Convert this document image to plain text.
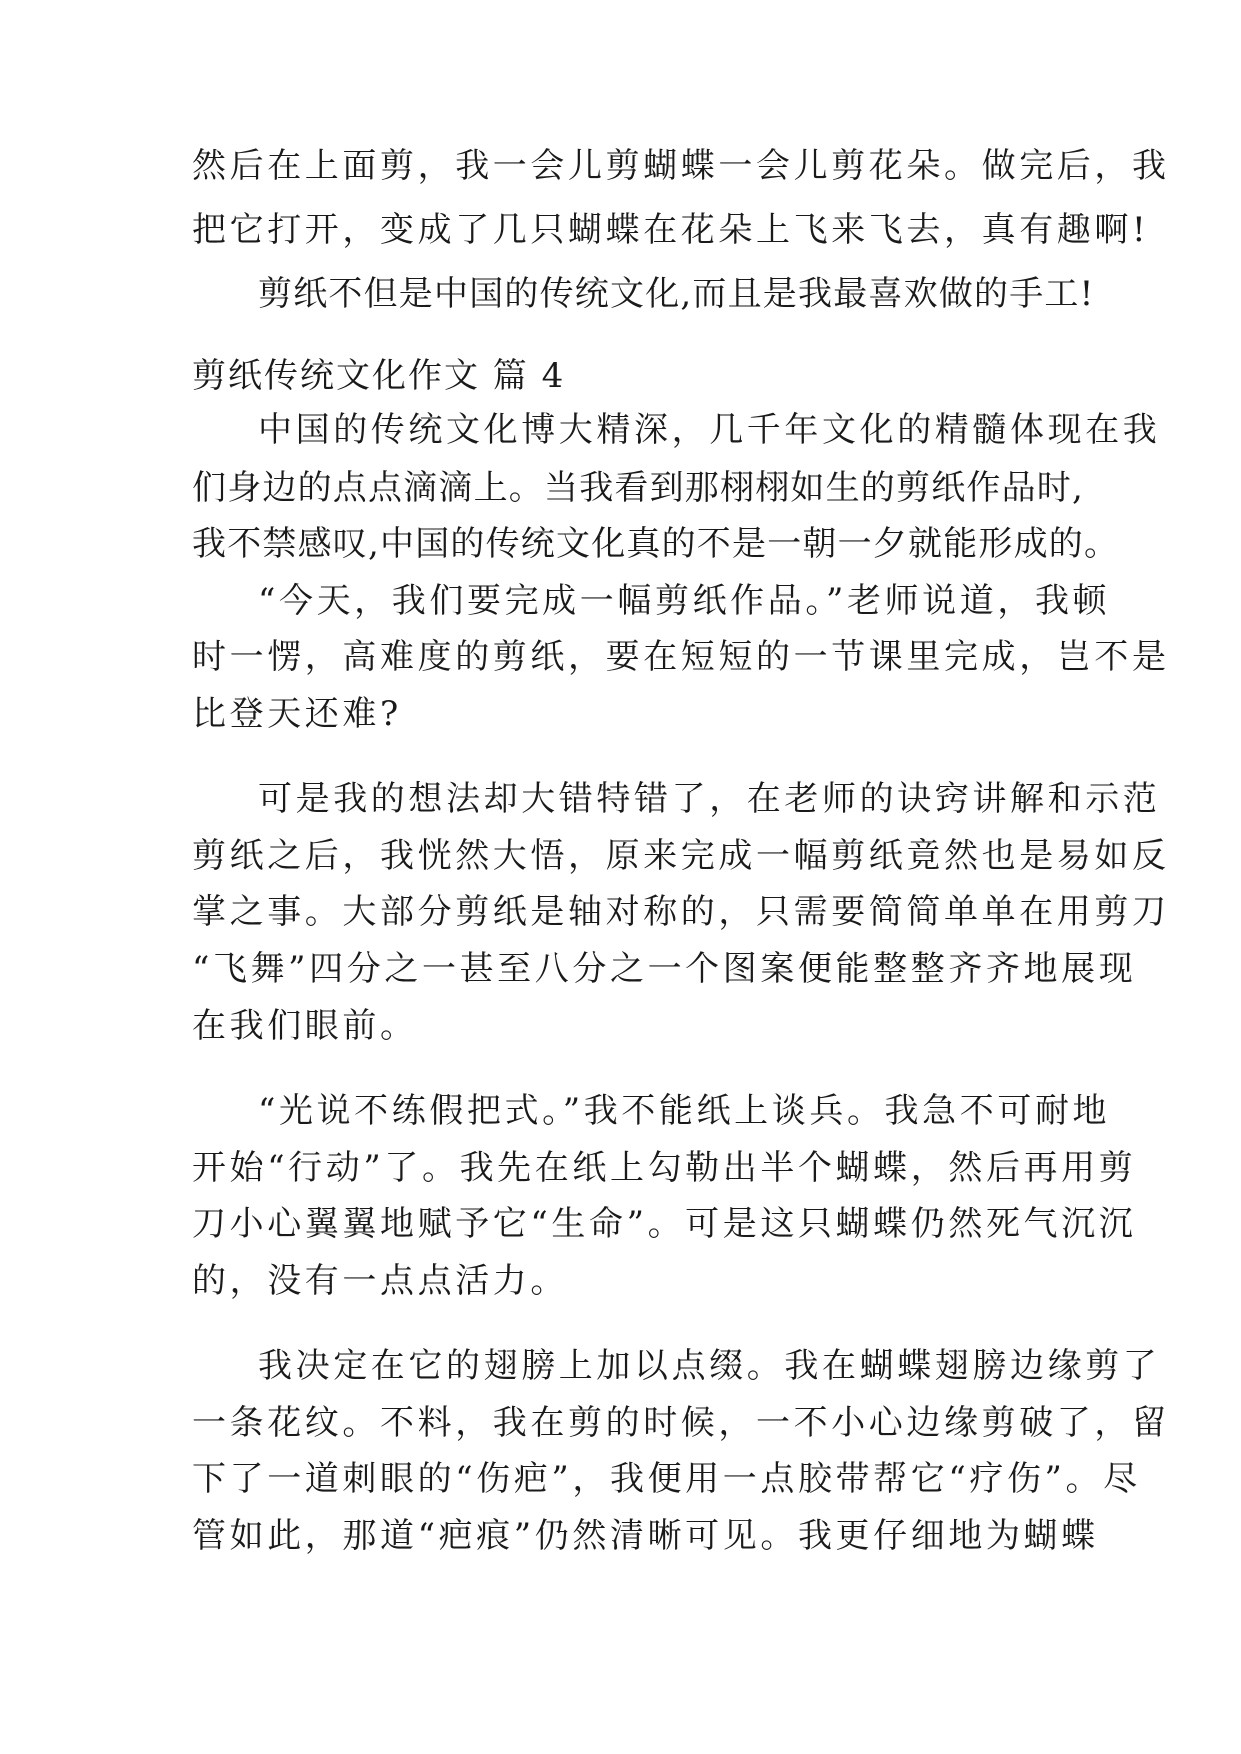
然后在上面剪，我一会儿剪蝴蝶一会儿剪花朵。做完后，我
把它打开，变成了几只蝴蝶在花朵上飞来飞去，真有趣啊!
剪纸不但是中国的传统文化,而且是我最喜欢做的手工!
剪纸传统文化作文 篇 4
中国的传统文化博大精深，几千年文化的精髓体现在我
们身边的点点滴滴上。当我看到那栩栩如生的剪纸作品时,
我不禁感叹,中国的传统文化真的不是一朝一夕就能形成的。
“今天，我们要完成一幅剪纸作品。”老师说道，我顿
时一愣，高难度的剪纸，要在短短的一节课里完成，岂不是
比登天还难?
可是我的想法却大错特错了，在老师的诀窍讲解和示范
剪纸之后，我恍然大悟，原来完成一幅剪纸竟然也是易如反
掌之事。大部分剪纸是轴对称的，只需要简简单单在用剪刀
“飞舞”四分之一甚至八分之一个图案便能整整齐齐地展现
在我们眼前。
“光说不练假把式。”我不能纸上谈兵。我急不可耐地
开始“行动”了。我先在纸上勾勒出半个蝴蝶，然后再用剪
刀小心翼翼地赋予它“生命”。可是这只蝴蝶仍然死气沉沉
的，没有一点点活力。
我决定在它的翅膀上加以点缀。我在蝴蝶翅膀边缘剪了
一条花纹。不料，我在剪的时候，一不小心边缘剪破了，留
下了一道刺眼的“伤疤”，我便用一点胶带帮它“疗伤”。尽
管如此，那道“疤痕”仍然清晰可见。我更仔细地为蝴蝶
